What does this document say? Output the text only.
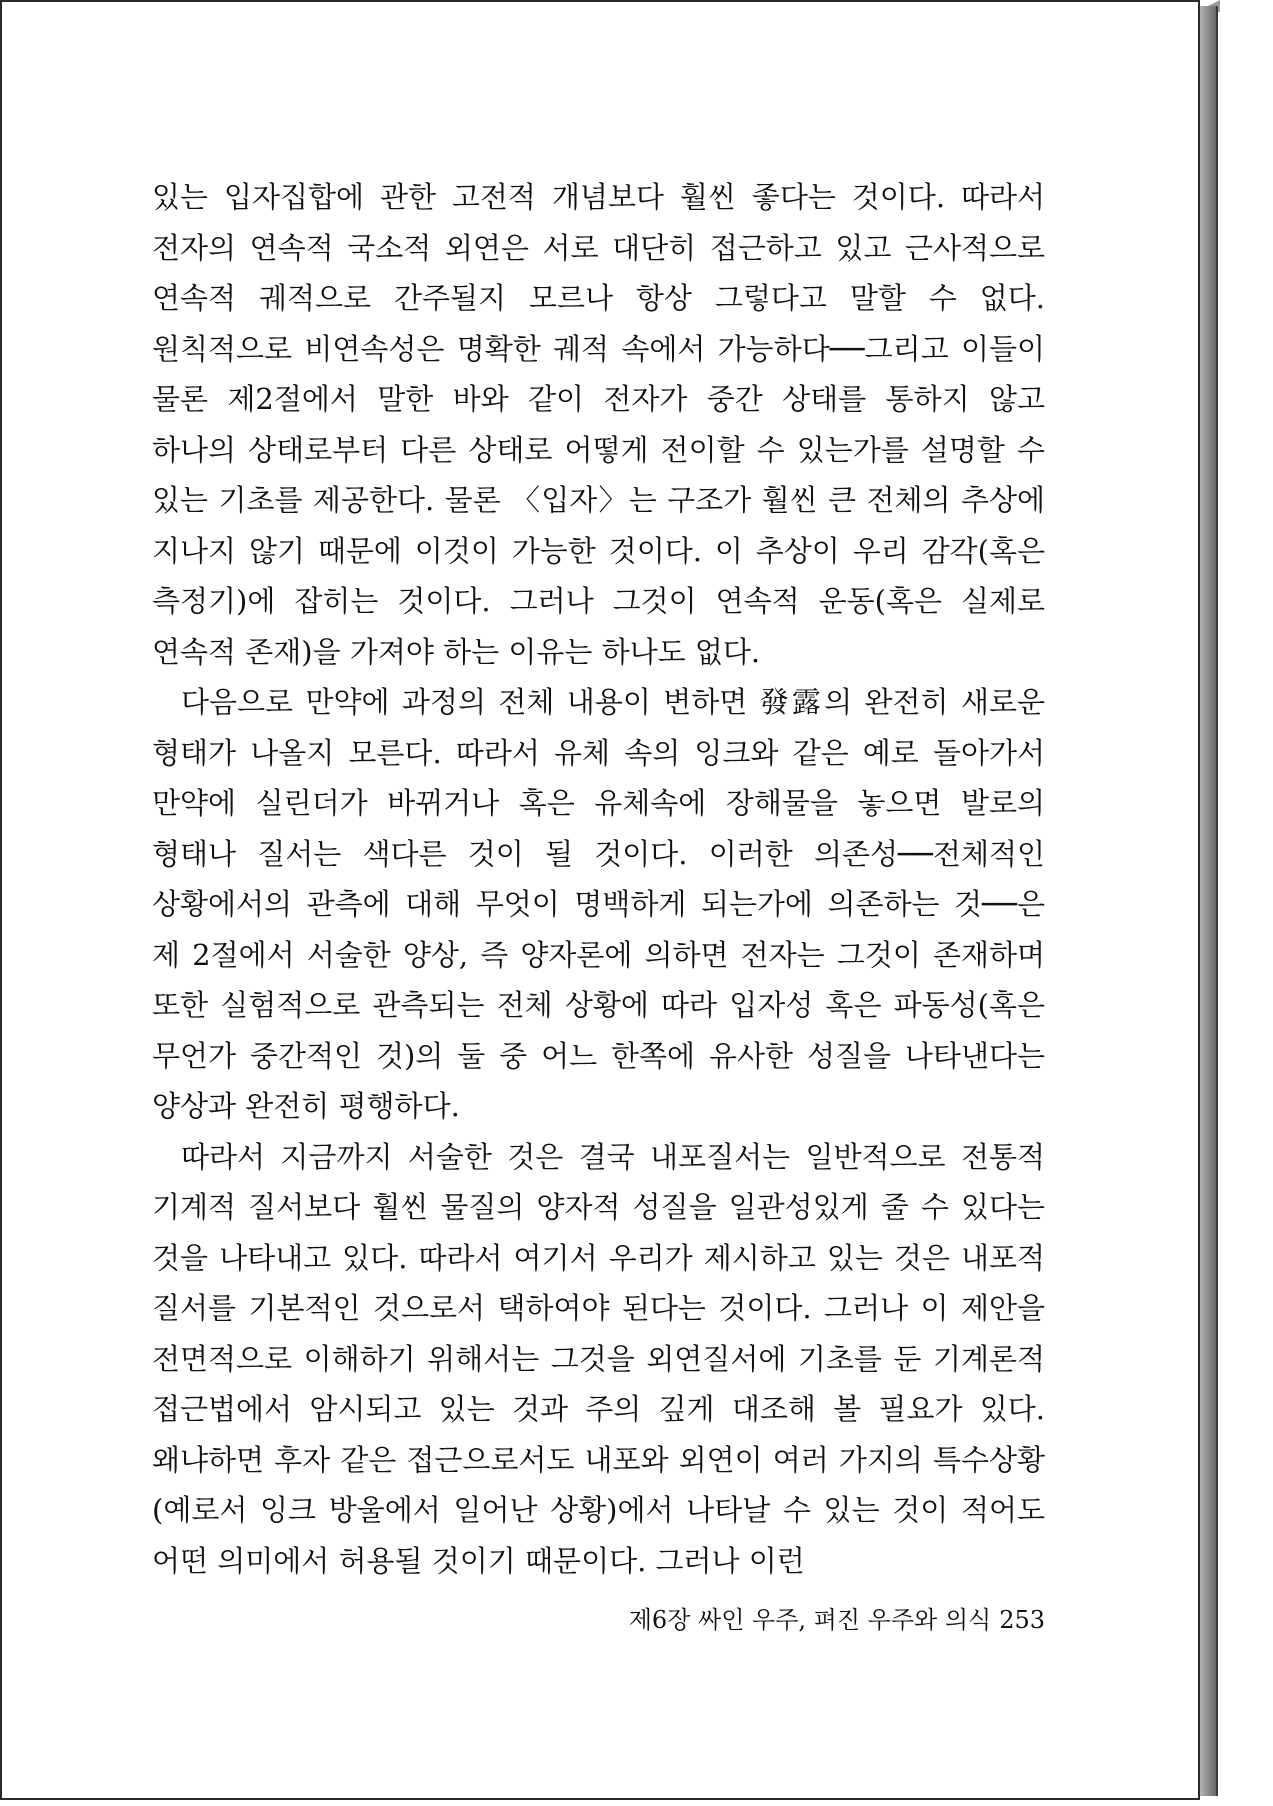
있는 입자집합에 관한 고전적 개념보다 훨씬 좋다는 것이다. 따라서 전자의 연속적 국소적 외연은 서로 대단히 접근하고 있고 근사적으로 연속적 궤적으로 간주될지 모르나 항상 그렇다고 말할 수 없다. 원칙적으로 비연속성은 명확한 궤적 속에서 가능하다──그리고 이들이 물론 제2절에서 말한 바와 같이 전자가 중간 상태를 통하지 않고 하나의 상태로부터 다른 상태로 어떻게 전이할 수 있는가를 설명할 수 있는 기초를 제공한다. 물론 〈입자〉는 구조가 훨씬 큰 전체의 추상에 지나지 않기 때문에 이것이 가능한 것이다. 이 추상이 우리 감각(혹은 측정기)에 잡히는 것이다. 그러나 그것이 연속적 운동(혹은 실제로 연속적 존재)을 가져야 하는 이유는 하나도 없다.

다음으로 만약에 과정의 전체 내용이 변하면 發露의 완전히 새로운 형태가 나올지 모른다. 따라서 유체 속의 잉크와 같은 예로 돌아가서 만약에 실린더가 바뀌거나 혹은 유체속에 장해물을 놓으면 발로의 형태나 질서는 색다른 것이 될 것이다. 이러한 의존성──전체적인 상황에서의 관측에 대해 무엇이 명백하게 되는가에 의존하는 것──은 제 2절에서 서술한 양상, 즉 양자론에 의하면 전자는 그것이 존재하며 또한 실험적으로 관측되는 전체 상황에 따라 입자성 혹은 파동성(혹은 무언가 중간적인 것)의 둘 중 어느 한쪽에 유사한 성질을 나타낸다는 양상과 완전히 평행하다.

따라서 지금까지 서술한 것은 결국 내포질서는 일반적으로 전통적 기계적 질서보다 훨씬 물질의 양자적 성질을 일관성있게 줄 수 있다는 것을 나타내고 있다. 따라서 여기서 우리가 제시하고 있는 것은 내포적 질서를 기본적인 것으로서 택하여야 된다는 것이다. 그러나 이 제안을 전면적으로 이해하기 위해서는 그것을 외연질서에 기초를 둔 기계론적 접근법에서 암시되고 있는 것과 주의 깊게 대조해 볼 필요가 있다. 왜냐하면 후자 같은 접근으로서도 내포와 외연이 여러 가지의 특수상황(예로서 잉크 방울에서 일어난 상황)에서 나타날 수 있는 것이 적어도 어떤 의미에서 허용될 것이기 때문이다. 그러나 이런

제6장 싸인 우주, 펴진 우주와 의식 253
